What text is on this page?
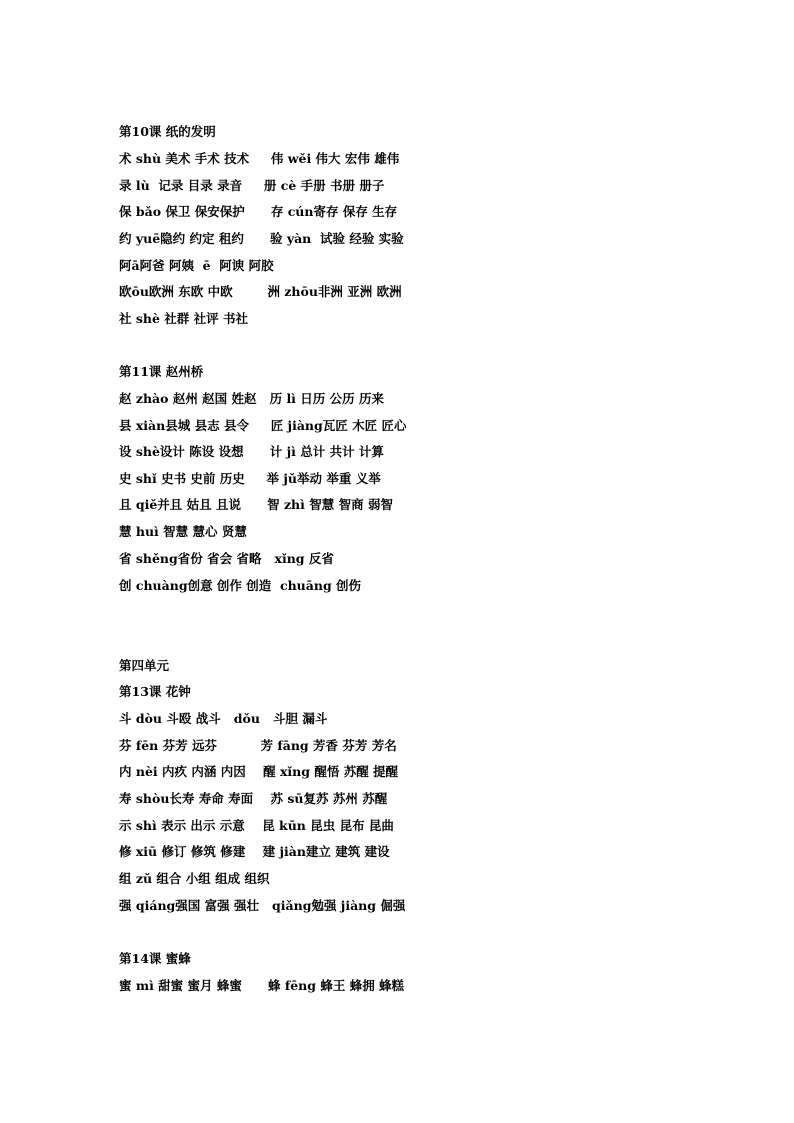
第10课 纸的发明
术 shù 美术 手术 技术     伟 wěi 伟大 宏伟 雄伟
录 lù  记录 目录 录音     册 cè 手册 书册 册子
保 bǎo 保卫 保安保护      存 cún寄存 保存 生存
约 yuē隐约 约定 租约      验 yàn  试验 经验 实验
阿ā阿爸 阿姨  ē  阿谀 阿胶
欧ōu欧洲 东欧 中欧        洲 zhōu非洲 亚洲 欧洲
社 shè 社群 社评 书社
第11课 赵州桥
赵 zhào 赵州 赵国 姓赵   历 lì 日历 公历 历来
县 xiàn县城 县志 县令     匠 jiàng瓦匠 木匠 匠心
设 shè设计 陈设 设想      计 jì 总计 共计 计算
史 shǐ 史书 史前 历史     举 jǔ举动 举重 义举
且 qiě并且 姑且 且说      智 zhì 智慧 智商 弱智
慧 huì 智慧 慧心 贤慧
省 shěng省份 省会 省略   xǐng 反省
创 chuàng创意 创作 创造  chuāng 创伤
第四单元
第13课 花钟
斗 dòu 斗殴 战斗   dǒu   斗胆 漏斗
芬 fēn 芬芳 远芬          芳 fāng 芳香 芬芳 芳名
内 nèi 内疚 内涵 内因    醒 xǐng 醒悟 苏醒 提醒
寿 shòu长寿 寿命 寿面    苏 sū复苏 苏州 苏醒
示 shì 表示 出示 示意    昆 kūn 昆虫 昆布 昆曲
修 xiū 修订 修筑 修建    建 jiàn建立 建筑 建设
组 zǔ 组合 小组 组成 组织
强 qiáng强国 富强 强壮   qiǎng勉强 jiàng 倔强
第14课 蜜蜂
蜜 mì 甜蜜 蜜月 蜂蜜      蜂 fēng 蜂王 蜂拥 蜂糕
